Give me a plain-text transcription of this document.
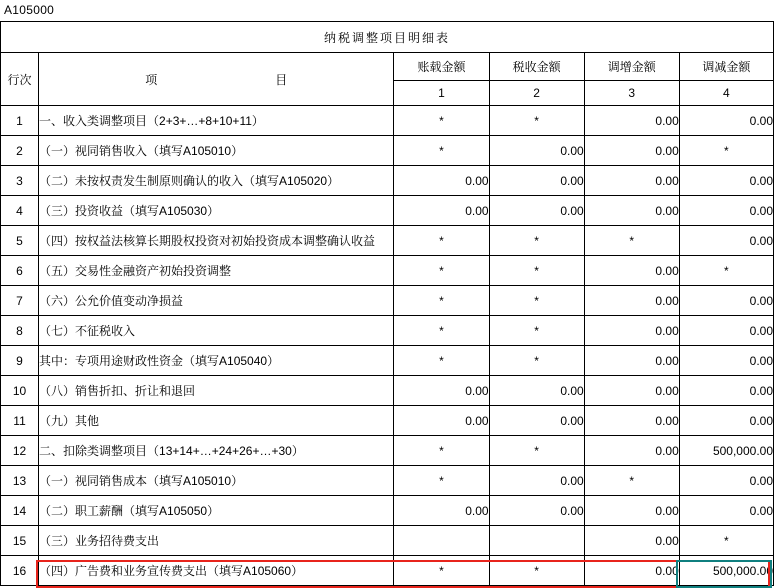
A105000
纳税调整项目明细表					
行次	项　　　　目	账载金额	税收金额	调增金额	调减金额
		1	2	3	4
1	一、收入类调整项目（2+3+…+8+10+11）	*	*	0.00	0.00
2	（一）视同销售收入（填写A105010）	*	0.00	0.00	*
3	（二）未按权责发生制原则确认的收入（填写A105020）	0.00	0.00	0.00	0.00
4	（三）投资收益（填写A105030）	0.00	0.00	0.00	0.00
5	（四）按权益法核算长期股权投资对初始投资成本调整确认收益	*	*	*	0.00
6	（五）交易性金融资产初始投资调整	*	*	0.00	*
7	（六）公允价值变动净损益	*	*	0.00	0.00
8	（七）不征税收入	*	*	0.00	0.00
9	其中：专项用途财政性资金（填写A105040）	*	*	0.00	0.00
10	（八）销售折扣、折让和退回	0.00	0.00	0.00	0.00
11	（九）其他	0.00	0.00	0.00	0.00
12	二、扣除类调整项目（13+14+…+24+26+…+30）	*	*	0.00	500,000.00
13	（一）视同销售成本（填写A105010）	*	0.00	*	0.00
14	（二）职工薪酬（填写A105050）	0.00	0.00	0.00	0.00
15	（三）业务招待费支出			0.00	*
16	（四）广告费和业务宣传费支出（填写A105060）	*	*	0.00	500,000.00
